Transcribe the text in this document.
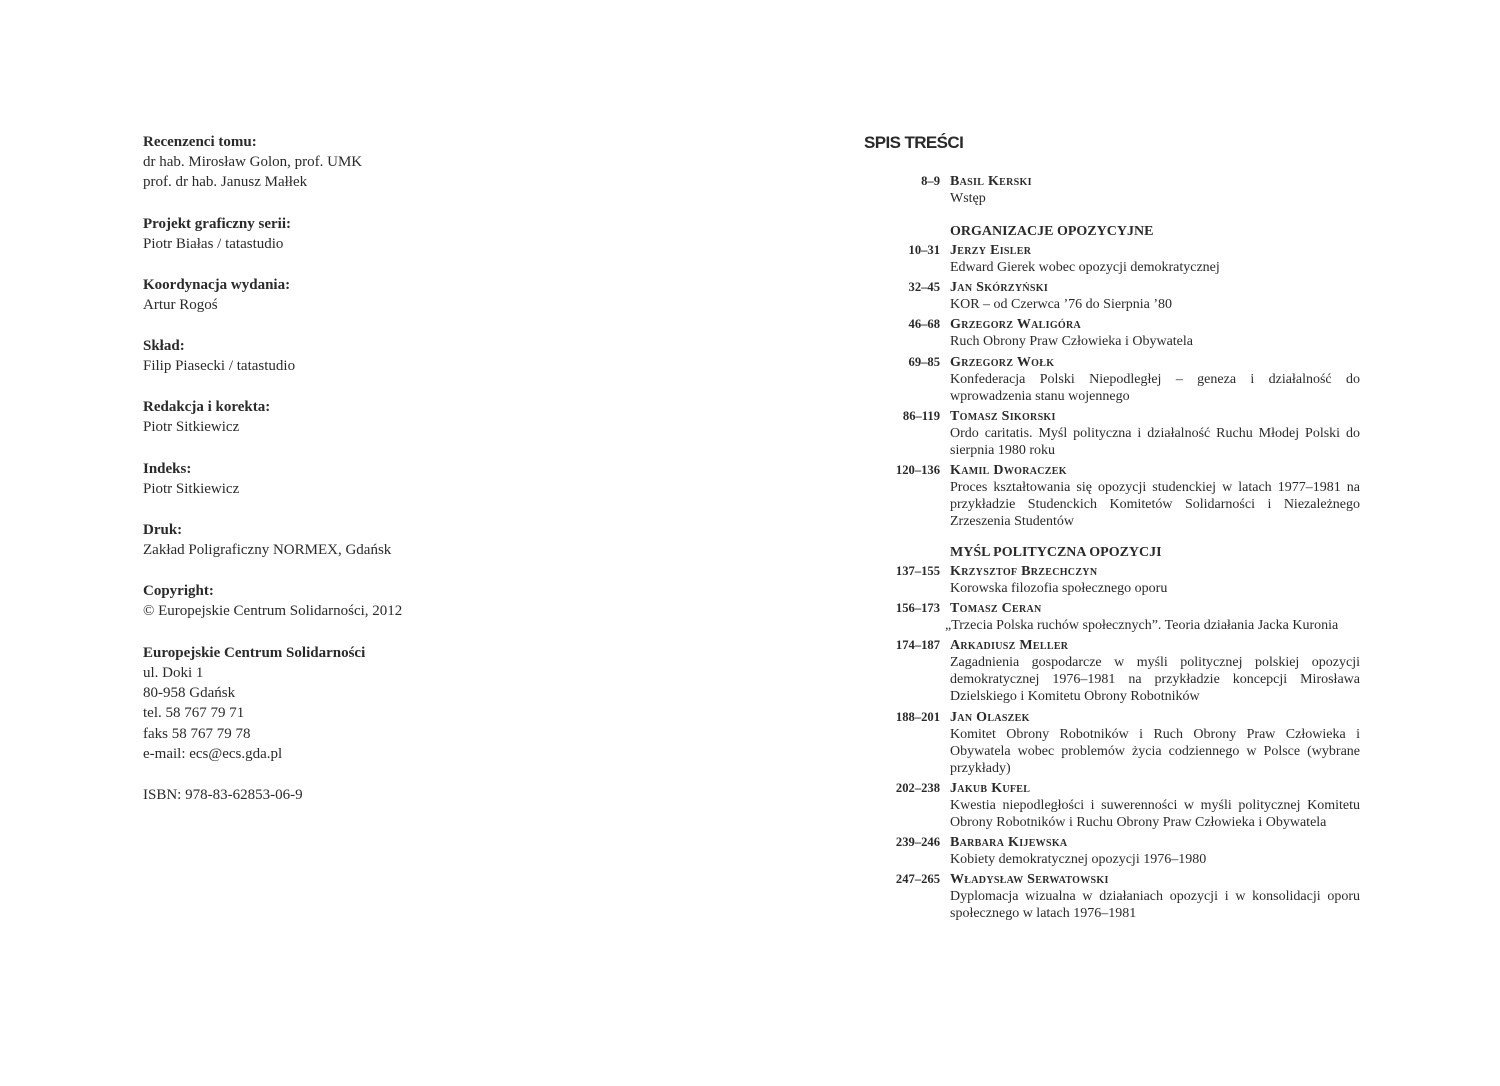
Recenzenci tomu:
dr hab. Mirosław Golon, prof. UMK
prof. dr hab. Janusz Małłek
Projekt graficzny serii:
Piotr Białas / tatastudio
Koordynacja wydania:
Artur Rogoś
Skład:
Filip Piasecki / tatastudio
Redakcja i korekta:
Piotr Sitkiewicz
Indeks:
Piotr Sitkiewicz
Druk:
Zakład Poligraficzny NORMEX, Gdańsk
Copyright:
© Europejskie Centrum Solidarności, 2012
Europejskie Centrum Solidarności
ul. Doki 1
80-958 Gdańsk
tel. 58 767 79 71
faks 58 767 79 78
e-mail: ecs@ecs.gda.pl
ISBN: 978-83-62853-06-9
SPIS TREŚCI
8–9 Basil Kerski
Wstęp
ORGANIZACJE OPOZYCYJNE
10–31 Jerzy Eisler
Edward Gierek wobec opozycji demokratycznej
32–45 Jan Skórzyński
KOR – od Czerwca ’76 do Sierpnia ’80
46–68 Grzegorz Waligóra
Ruch Obrony Praw Człowieka i Obywatela
69–85 Grzegorz Wołk
Konfederacja Polski Niepodległej – geneza i działalność do wprowadzenia stanu wojennego
86–119 Tomasz Sikorski
Ordo caritatis. Myśl polityczna i działalność Ruchu Młodej Polski do sierpnia 1980 roku
120–136 Kamil Dworaczek
Proces kształtowania się opozycji studenckiej w latach 1977–1981 na przykładzie Studenckich Komitetów Solidarności i Niezależnego Zrzeszenia Studentów
MYŚL POLITYCZNA OPOZYCJI
137–155 Krzysztof Brzechczyn
Korowska filozofia społecznego oporu
156–173 Tomasz Ceran
„Trzecia Polska ruchów społecznych”. Teoria działania Jacka Kuronia
174–187 Arkadiusz Meller
Zagadnienia gospodarcze w myśli politycznej polskiej opozycji demokratycznej 1976–1981 na przykładzie koncepcji Mirosława Dzielskiego i Komitetu Obrony Robotników
188–201 Jan Olaszek
Komitet Obrony Robotników i Ruch Obrony Praw Człowieka i Obywatela wobec problemów życia codziennego w Polsce (wybrane przykłady)
202–238 Jakub Kufel
Kwestia niepodległości i suwerenności w myśli politycznej Komitetu Obrony Robotników i Ruchu Obrony Praw Człowieka i Obywatela
239–246 Barbara Kijewska
Kobiety demokratycznej opozycji 1976–1980
247–265 Władysław Serwatowski
Dyplomacja wizualna w działaniach opozycji i w konsolidacji oporu społecznego w latach 1976–1981
